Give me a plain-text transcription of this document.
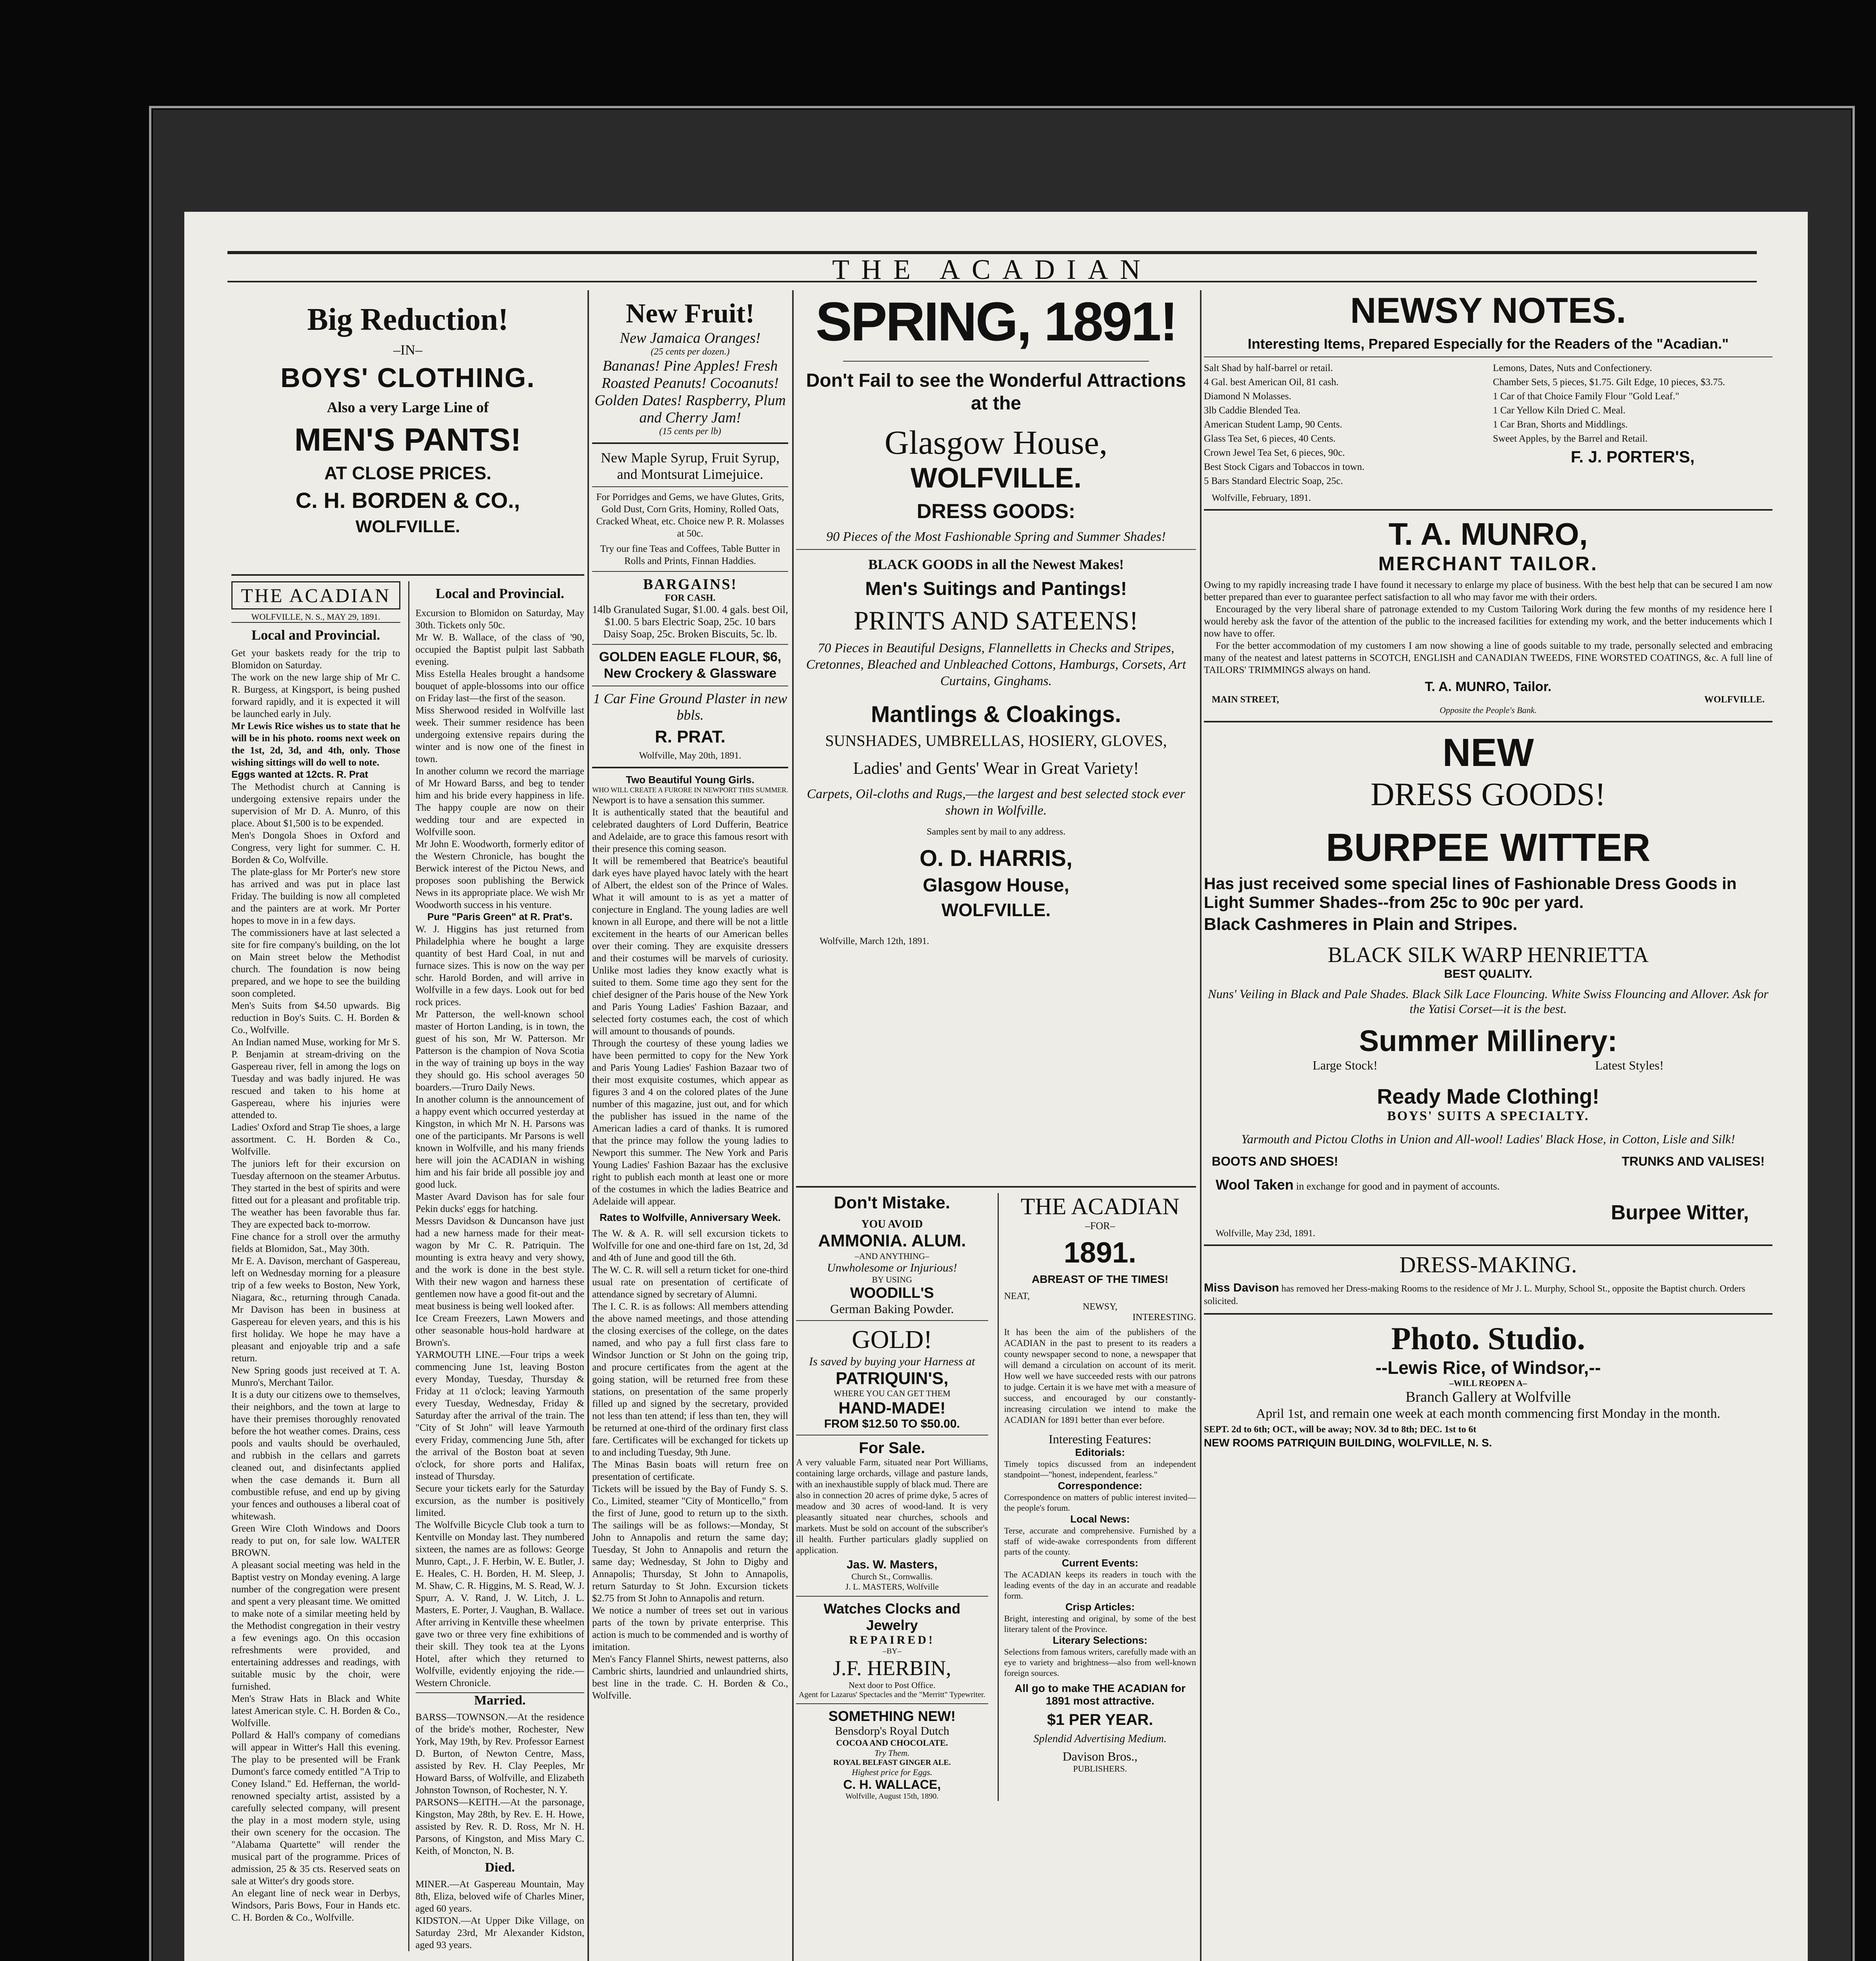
THE ACADIAN
Big Reduction!
–IN–
BOYS' CLOTHING.
Also a very Large Line of
MEN'S PANTS!
AT CLOSE PRICES.
C. H. BORDEN & CO.,
WOLFVILLE.
THE ACADIAN
WOLFVILLE, N. S., MAY 29, 1891.
Local and Provincial.

Get your baskets ready for the trip to Blomidon on Saturday.

The work on the new large ship of Mr C. R. Burgess, at Kingsport, is being pushed forward rapidly, and it is expected it will be launched early in July.

Mr Lewis Rice wishes us to state that he will be in his photo. rooms next week on the 1st, 2d, 3d, and 4th, only. Those wishing sittings will do well to note.

Eggs wanted at 12cts. R. Prat

The Methodist church at Canning is undergoing extensive repairs under the supervision of Mr D. A. Munro, of this place. About $1,500 is to be expended.

Men's Dongola Shoes in Oxford and Congress, very light for summer. C. H. Borden & Co, Wolfville.

The plate-glass for Mr Porter's new store has arrived and was put in place last Friday. The building is now all completed and the painters are at work. Mr Porter hopes to move in in a few days.

The commissioners have at last selected a site for fire company's building, on the lot on Main street below the Methodist church. The foundation is now being prepared, and we hope to see the building soon completed.

Men's Suits from $4.50 upwards. Big reduction in Boy's Suits. C. H. Borden & Co., Wolfville.

An Indian named Muse, working for Mr S. P. Benjamin at stream-driving on the Gaspereau river, fell in among the logs on Tuesday and was badly injured. He was rescued and taken to his home at Gaspereau, where his injuries were attended to.

Ladies' Oxford and Strap Tie shoes, a large assortment. C. H. Borden & Co., Wolfville.

The juniors left for their excursion on Tuesday afternoon on the steamer Arbutus. They started in the best of spirits and were fitted out for a pleasant and profitable trip. The weather has been favorable thus far. They are expected back to-morrow.

Fine chance for a stroll over the armuthy fields at Blomidon, Sat., May 30th.

Mr E. A. Davison, merchant of Gaspereau, left on Wednesday morning for a pleasure trip of a few weeks to Boston, New York, Niagara, &c., returning through Canada. Mr Davison has been in business at Gaspereau for eleven years, and this is his first holiday. We hope he may have a pleasant and enjoyable trip and a safe return.

New Spring goods just received at T. A. Munro's, Merchant Tailor.

It is a duty our citizens owe to themselves, their neighbors, and the town at large to have their premises thoroughly renovated before the hot weather comes. Drains, cess pools and vaults should be overhauled, and rubbish in the cellars and garrets cleaned out, and disinfectants applied when the case demands it. Burn all combustible refuse, and end up by giving your fences and outhouses a liberal coat of whitewash.

Green Wire Cloth Windows and Doors ready to put on, for sale low. WALTER BROWN.

A pleasant social meeting was held in the Baptist vestry on Monday evening. A large number of the congregation were present and spent a very pleasant time. We omitted to make note of a similar meeting held by the Methodist congregation in their vestry a few evenings ago. On this occasion refreshments were provided, and entertaining addresses and readings, with suitable music by the choir, were furnished.

Men's Straw Hats in Black and White latest American style. C. H. Borden & Co., Wolfville.

Pollard & Hall's company of comedians will appear in Witter's Hall this evening. The play to be presented will be Frank Dumont's farce comedy entitled "A Trip to Coney Island." Ed. Heffernan, the world-renowned specialty artist, assisted by a carefully selected company, will present the play in a most modern style, using their own scenery for the occasion. The "Alabama Quartette" will render the musical part of the programme. Prices of admission, 25 & 35 cts. Reserved seats on sale at Witter's dry goods store.

An elegant line of neck wear in Derbys, Windsors, Paris Bows, Four in Hands etc. C. H. Borden & Co., Wolfville.

Local and Provincial.

Excursion to Blomidon on Saturday, May 30th. Tickets only 50c.

Mr W. B. Wallace, of the class of '90, occupied the Baptist pulpit last Sabbath evening.

Miss Estella Heales brought a handsome bouquet of apple-blossoms into our office on Friday last—the first of the season.

Miss Sherwood resided in Wolfville last week. Their summer residence has been undergoing extensive repairs during the winter and is now one of the finest in town.

In another column we record the marriage of Mr Howard Barss, and beg to tender him and his bride every happiness in life. The happy couple are now on their wedding tour and are expected in Wolfville soon.

Mr John E. Woodworth, formerly editor of the Western Chronicle, has bought the Berwick interest of the Pictou News, and proposes soon publishing the Berwick News in its appropriate place. We wish Mr Woodworth success in his venture.

Pure "Paris Green" at R. Prat's.

W. J. Higgins has just returned from Philadelphia where he bought a large quantity of best Hard Coal, in nut and furnace sizes. This is now on the way per schr. Harold Borden, and will arrive in Wolfville in a few days. Look out for bed rock prices.

Mr Patterson, the well-known school master of Horton Landing, is in town, the guest of his son, Mr W. Patterson. Mr Patterson is the champion of Nova Scotia in the way of training up boys in the way they should go. His school averages 50 boarders.—Truro Daily News.

In another column is the announcement of a happy event which occurred yesterday at Kingston, in which Mr N. H. Parsons was one of the participants. Mr Parsons is well known in Wolfville, and his many friends here will join the ACADIAN in wishing him and his fair bride all possible joy and good luck.

Master Avard Davison has for sale four Pekin ducks' eggs for hatching.

Messrs Davidson & Duncanson have just had a new harness made for their meat-wagon by Mr C. R. Patriquin. The mounting is extra heavy and very showy, and the work is done in the best style. With their new wagon and harness these gentlemen now have a good fit-out and the meat business is being well looked after.

Ice Cream Freezers, Lawn Mowers and other seasonable hous-hold hardware at Brown's.

YARMOUTH LINE.—Four trips a week commencing June 1st, leaving Boston every Monday, Tuesday, Thursday & Friday at 11 o'clock; leaving Yarmouth every Tuesday, Wednesday, Friday & Saturday after the arrival of the train. The "City of St John" will leave Yarmouth every Friday, commencing June 5th, after the arrival of the Boston boat at seven o'clock, for shore ports and Halifax, instead of Thursday.

Secure your tickets early for the Saturday excursion, as the number is positively limited.

The Wolfville Bicycle Club took a turn to Kentville on Monday last. They numbered sixteen, the names are as follows: George Munro, Capt., J. F. Herbin, W. E. Butler, J. E. Heales, C. H. Borden, H. M. Sleep, J. M. Shaw, C. R. Higgins, M. S. Read, W. J. Spurr, A. V. Rand, J. W. Litch, J. L. Masters, E. Porter, J. Vaughan, B. Wallace. After arriving in Kentville these wheelmen gave two or three very fine exhibitions of their skill. They took tea at the Lyons Hotel, after which they returned to Wolfville, evidently enjoying the ride.—Western Chronicle.

Married.

BARSS—TOWNSON.—At the residence of the bride's mother, Rochester, New York, May 19th, by Rev. Professor Earnest D. Burton, of Newton Centre, Mass, assisted by Rev. H. Clay Peeples, Mr Howard Barss, of Wolfville, and Elizabeth Johnston Townson, of Rochester, N. Y.

PARSONS—KEITH.—At the parsonage, Kingston, May 28th, by Rev. E. H. Howe, assisted by Rev. R. D. Ross, Mr N. H. Parsons, of Kingston, and Miss Mary C. Keith, of Moncton, N. B.

Died.

MINER.—At Gaspereau Mountain, May 8th, Eliza, beloved wife of Charles Miner, aged 60 years.

KIDSTON.—At Upper Dike Village, on Saturday 23rd, Mr Alexander Kidston, aged 93 years.

New Fruit!
New Jamaica Oranges!
(25 cents per dozen.)
Bananas! Pine Apples! Fresh Roasted Peanuts! Cocoanuts! Golden Dates! Raspberry, Plum and Cherry Jam!
(15 cents per lb)
New Maple Syrup, Fruit Syrup, and Montsurat Limejuice.

For Porridges and Gems, we have Glutes, Grits, Gold Dust, Corn Grits, Hominy, Rolled Oats, Cracked Wheat, etc. Choice new P. R. Molasses at 50c.

Try our fine Teas and Coffees, Table Butter in Rolls and Prints, Finnan Haddies.

BARGAINS!
FOR CASH.

14lb Granulated Sugar, $1.00. 4 gals. best Oil, $1.00. 5 bars Electric Soap, 25c. 10 bars Daisy Soap, 25c. Broken Biscuits, 5c. lb.

GOLDEN EAGLE FLOUR, $6, New Crockery & Glassware
1 Car Fine Ground Plaster in new bbls.
R. PRAT.
Wolfville, May 20th, 1891.
Two Beautiful Young Girls.
WHO WILL CREATE A FURORE IN NEWPORT THIS SUMMER.

Newport is to have a sensation this summer.

It is authentically stated that the beautiful and celebrated daughters of Lord Dufferin, Beatrice and Adelaide, are to grace this famous resort with their presence this coming season.

It will be remembered that Beatrice's beautiful dark eyes have played havoc lately with the heart of Albert, the eldest son of the Prince of Wales. What it will amount to is as yet a matter of conjecture in England. The young ladies are well known in all Europe, and there will be not a little excitement in the hearts of our American belles over their coming. They are exquisite dressers and their costumes will be marvels of curiosity. Unlike most ladies they know exactly what is suited to them. Some time ago they sent for the chief designer of the Paris house of the New York and Paris Young Ladies' Fashion Bazaar, and selected forty costumes each, the cost of which will amount to thousands of pounds.

Through the courtesy of these young ladies we have been permitted to copy for the New York and Paris Young Ladies' Fashion Bazaar two of their most exquisite costumes, which appear as figures 3 and 4 on the colored plates of the June number of this magazine, just out, and for which the publisher has issued in the name of the American ladies a card of thanks. It is rumored that the prince may follow the young ladies to Newport this summer. The New York and Paris Young Ladies' Fashion Bazaar has the exclusive right to publish each month at least one or more of the costumes in which the ladies Beatrice and Adelaide will appear.

Rates to Wolfville, Anniversary Week.

The W. & A. R. will sell excursion tickets to Wolfville for one and one-third fare on 1st, 2d, 3d and 4th of June and good till the 6th.

The W. C. R. will sell a return ticket for one-third usual rate on presentation of certificate of attendance signed by secretary of Alumni.

The I. C. R. is as follows: All members attending the above named meetings, and those attending the closing exercises of the college, on the dates named, and who pay a full first class fare to Windsor Junction or St John on the going trip, and procure certificates from the agent at the going station, will be returned free from these stations, on presentation of the same properly filled up and signed by the secretary, provided not less than ten attend; if less than ten, they will be returned at one-third of the ordinary first class fare. Certificates will be exchanged for tickets up to and including Tuesday, 9th June.

The Minas Basin boats will return free on presentation of certificate.

Tickets will be issued by the Bay of Fundy S. S. Co., Limited, steamer "City of Monticello," from the first of June, good to return up to the sixth. The sailings will be as follows:—Monday, St John to Annapolis and return the same day; Tuesday, St John to Annapolis and return the same day; Wednesday, St John to Digby and Annapolis; Thursday, St John to Annapolis, return Saturday to St John. Excursion tickets $2.75 from St John to Annapolis and return.

We notice a number of trees set out in various parts of the town by private enterprise. This action is much to be commended and is worthy of imitation.

Men's Fancy Flannel Shirts, newest patterns, also Cambric shirts, laundried and unlaundried shirts, best line in the trade. C. H. Borden & Co., Wolfville.

SPRING, 1891!
Don't Fail to see the Wonderful Attractions at the
Glasgow House,
WOLFVILLE.
DRESS GOODS:
90 Pieces of the Most Fashionable Spring and Summer Shades!
BLACK GOODS in all the Newest Makes!
Men's Suitings and Pantings!
PRINTS AND SATEENS!
70 Pieces in Beautiful Designs, Flannelletts in Checks and Stripes, Cretonnes, Bleached and Unbleached Cottons, Hamburgs, Corsets, Art Curtains, Ginghams.
Mantlings & Cloakings.
SUNSHADES, UMBRELLAS, HOSIERY, GLOVES,
Ladies' and Gents' Wear in Great Variety!
Carpets, Oil-cloths and Rugs,—the largest and best selected stock ever shown in Wolfville.
Samples sent by mail to any address.
O. D. HARRIS,
Glasgow House,
WOLFVILLE.
Wolfville, March 12th, 1891.
Don't Mistake.
YOU AVOID
AMMONIA. ALUM.
–AND ANYTHING–
Unwholesome or Injurious!
BY USING
WOODILL'S
German Baking Powder.
GOLD!
Is saved by buying your Harness at
PATRIQUIN'S,
WHERE YOU CAN GET THEM
HAND-MADE!
FROM $12.50 TO $50.00.
For Sale.

A very valuable Farm, situated near Port Williams, containing large orchards, village and pasture lands, with an inexhaustible supply of black mud. There are also in connection 20 acres of prime dyke, 5 acres of meadow and 30 acres of wood-land. It is very pleasantly situated near churches, schools and markets. Must be sold on account of the subscriber's ill health. Further particulars gladly supplied on application.

Jas. W. Masters,
Church St., Cornwallis.
J. L. MASTERS, Wolfville
Watches Clocks and Jewelry
REPAIRED!
–BY–
J.F. HERBIN,
Next door to Post Office.
Agent for Lazarus' Spectacles and the "Merritt" Typewriter.
SOMETHING NEW!
Bensdorp's Royal Dutch
COCOA AND CHOCOLATE.
Try Them.
ROYAL BELFAST GINGER ALE.
Highest price for Eggs.
C. H. WALLACE,
Wolfville, August 15th, 1890.
THE ACADIAN
–FOR–
1891.
ABREAST OF THE TIMES!
NEAT,
NEWSY,
INTERESTING.

It has been the aim of the publishers of the ACADIAN in the past to present to its readers a county newspaper second to none, a newspaper that will demand a circulation on account of its merit. How well we have succeeded rests with our patrons to judge. Certain it is we have met with a measure of success, and encouraged by our constantly-increasing circulation we intend to make the ACADIAN for 1891 better than ever before.

Interesting Features:
Editorials:

Timely topics discussed from an independent standpoint—"honest, independent, fearless."

Correspondence:

Correspondence on matters of public interest invited—the people's forum.

Local News:

Terse, accurate and comprehensive. Furnished by a staff of wide-awake correspondents from different parts of the county.

Current Events:

The ACADIAN keeps its readers in touch with the leading events of the day in an accurate and readable form.

Crisp Articles:

Bright, interesting and original, by some of the best literary talent of the Province.

Literary Selections:

Selections from famous writers, carefully made with an eye to variety and brightness—also from well-known foreign sources.

All go to make THE ACADIAN for 1891 most attractive.
$1 PER YEAR.
Splendid Advertising Medium.
Davison Bros.,
PUBLISHERS.
NEWSY NOTES.
Interesting Items, Prepared Especially for the Readers of the "Acadian."
Salt Shad by half-barrel or retail.
4 Gal. best American Oil, 81 cash.
Diamond N Molasses.
3lb Caddie Blended Tea.
American Student Lamp, 90 Cents.
Glass Tea Set, 6 pieces, 40 Cents.
Crown Jewel Tea Set, 6 pieces, 90c.
Best Stock Cigars and Tobaccos in town.
5 Bars Standard Electric Soap, 25c.
Lemons, Dates, Nuts and Confectionery.
Chamber Sets, 5 pieces, $1.75. Gilt Edge, 10 pieces, $3.75.
1 Car of that Choice Family Flour "Gold Leaf."
1 Car Yellow Kiln Dried C. Meal.
1 Car Bran, Shorts and Middlings.
Sweet Apples, by the Barrel and Retail.
F. J. PORTER'S,
Wolfville, February, 1891.
T. A. MUNRO,
MERCHANT TAILOR.

Owing to my rapidly increasing trade I have found it necessary to enlarge my place of business. With the best help that can be secured I am now better prepared than ever to guarantee perfect satisfaction to all who may favor me with their orders.

Encouraged by the very liberal share of patronage extended to my Custom Tailoring Work during the few months of my residence here I would hereby ask the favor of the attention of the public to the increased facilities for extending my work, and the better inducements which I now have to offer.

For the better accommodation of my customers I am now showing a line of goods suitable to my trade, personally selected and embracing many of the neatest and latest patterns in SCOTCH, ENGLISH and CANADIAN TWEEDS, FINE WORSTED COATINGS, &c. A full line of TAILORS' TRIMMINGS always on hand.

T. A. MUNRO, Tailor.
MAIN STREET,	WOLFVILLE.
Opposite the People's Bank.
NEW
DRESS GOODS!
BURPEE WITTER
Has just received some special lines of Fashionable Dress Goods in Light Summer Shades--from 25c to 90c per yard.
Black Cashmeres in Plain and Stripes.
BLACK SILK WARP HENRIETTA
BEST QUALITY.
Nuns' Veiling in Black and Pale Shades. Black Silk Lace Flouncing. White Swiss Flouncing and Allover. Ask for the Yatisi Corset—it is the best.
Summer Millinery:
Large Stock!	Latest Styles!
Ready Made Clothing!
BOYS' SUITS A SPECIALTY.
Yarmouth and Pictou Cloths in Union and All-wool! Ladies' Black Hose, in Cotton, Lisle and Silk!
BOOTS AND SHOES!	TRUNKS AND VALISES!
Wool Taken in exchange for good and in payment of accounts.
Burpee Witter,
Wolfville, May 23d, 1891.
DRESS-MAKING.
Miss Davison has removed her Dress-making Rooms to the residence of Mr J. L. Murphy, School St., opposite the Baptist church. Orders solicited.
Photo. Studio.
--Lewis Rice, of Windsor,--
–WILL REOPEN A–
Branch Gallery at Wolfville
April 1st, and remain one week at each month commencing first Monday in the month.
SEPT. 2d to 6th; OCT., will be away; NOV. 3d to 8th; DEC. 1st to 6t
NEW ROOMS PATRIQUIN BUILDING, WOLFVILLE, N. S.
